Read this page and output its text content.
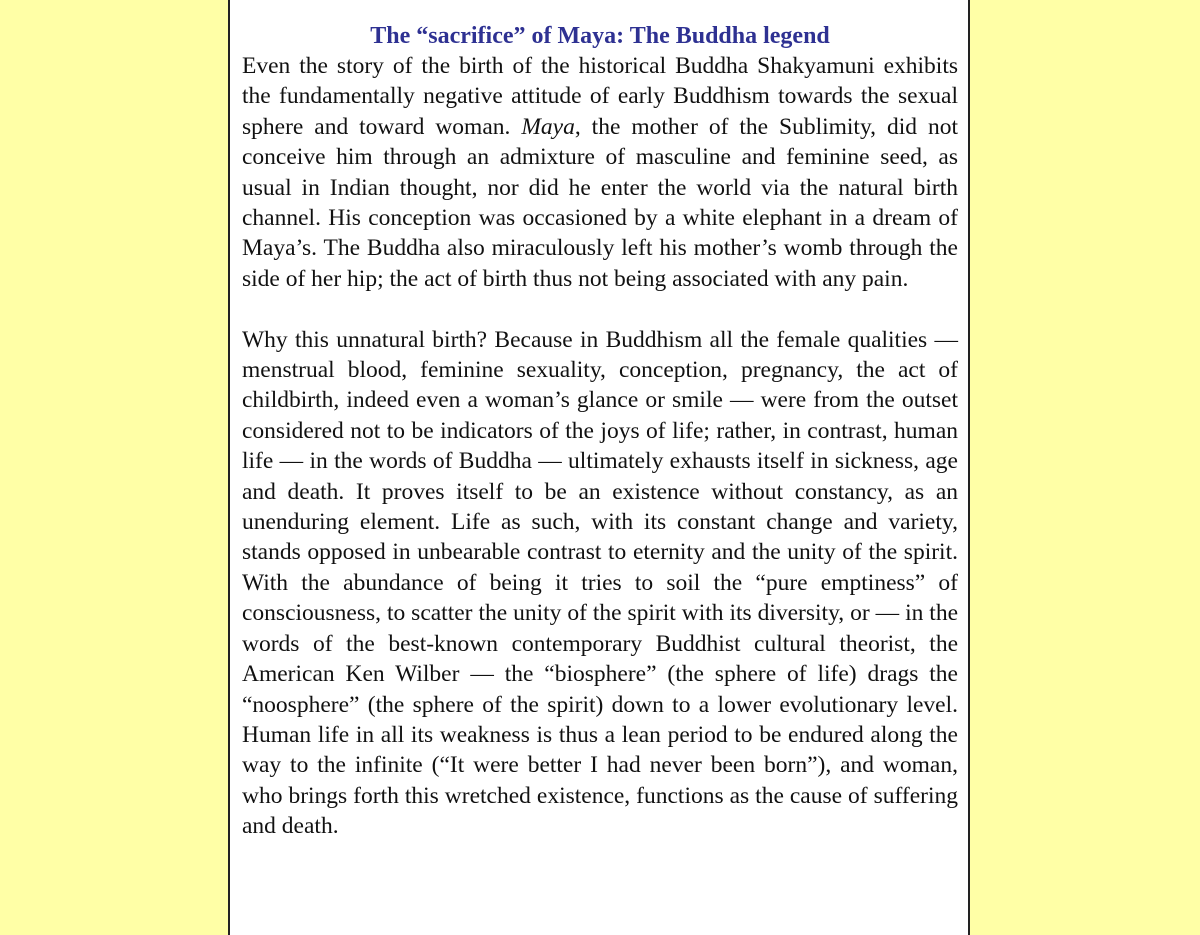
The “sacrifice” of Maya: The Buddha legend

Even the story of the birth of the historical Buddha Shakyamuni exhibits the fundamentally negative attitude of early Buddhism towards the sexual sphere and toward woman. Maya, the mother of the Sublimity, did not conceive him through an admixture of masculine and feminine seed, as usual in Indian thought, nor did he enter the world via the natural birth channel. His conception was occasioned by a white elephant in a dream of Maya’s. The Buddha also miraculously left his mother’s womb through the side of her hip; the act of birth thus not being associated with any pain.

Why this unnatural birth? Because in Buddhism all the female qualities — menstrual blood, feminine sexuality, conception, pregnancy, the act of childbirth, indeed even a woman’s glance or smile — were from the outset considered not to be indicators of the joys of life; rather, in contrast, human life — in the words of Buddha — ultimately exhausts itself in sickness, age and death. It proves itself to be an existence without constancy, as an unenduring element. Life as such, with its constant change and variety, stands opposed in unbearable contrast to eternity and the unity of the spirit. With the abundance of being it tries to soil the “pure emptiness” of consciousness, to scatter the unity of the spirit with its diversity, or — in the words of the best-known contemporary Buddhist cultural theorist, the American Ken Wilber — the “biosphere” (the sphere of life) drags the “noosphere” (the sphere of the spirit) down to a lower evolutionary level. Human life in all its weakness is thus a lean period to be endured along the way to the infinite (“It were better I had never been born”), and woman, who brings forth this wretched existence, functions as the cause of suffering and death.
